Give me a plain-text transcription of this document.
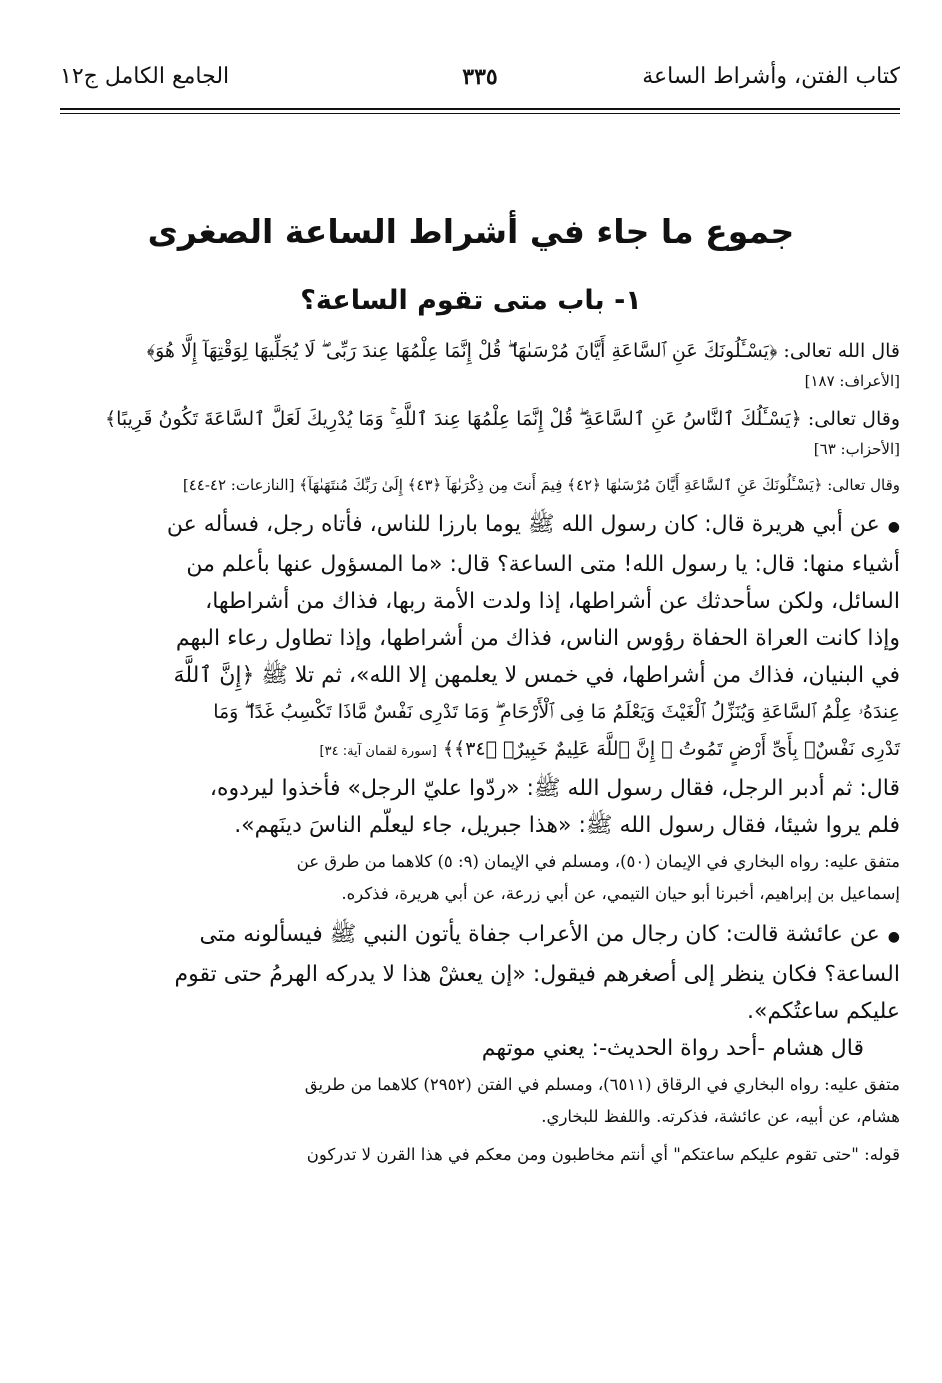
كتاب الفتن، وأشراط الساعة
٣٣٥
الجامع الكامل ج١٢
جموع ما جاء في أشراط الساعة الصغرى
١- باب متى تقوم الساعة؟

قال الله تعالى: ﴿يَسْـَٔلُونَكَ عَنِ ٱلسَّاعَةِ أَيَّانَ مُرْسَىٰهَا ۖ قُلْ إِنَّمَا عِلْمُهَا عِندَ رَبِّى ۖ لَا يُجَلِّيهَا لِوَقْتِهَآ إِلَّا هُوَ﴾

[الأعراف: ١٨٧]

وقال تعالى: ﴿يَسْـَٔلُكَ ٱلنَّاسُ عَنِ ٱلسَّاعَةِ ۖ قُلْ إِنَّمَا عِلْمُهَا عِندَ ٱللَّهِ ۚ وَمَا يُدْرِيكَ لَعَلَّ ٱلسَّاعَةَ تَكُونُ قَرِيبًا﴾

[الأحزاب: ٦٣]
وقال تعالى: ﴿يَسْـَٔلُونَكَ عَنِ ٱلسَّاعَةِ أَيَّانَ مُرْسَىٰهَا ﴿٤٢﴾ فِيمَ أَنتَ مِن ذِكْرَىٰهَآ ﴿٤٣﴾ إِلَىٰ رَبِّكَ مُنتَهَىٰهَآ﴾ [النازعات: ٤٢-٤٤]
●عن أبي هريرة قال: كان رسول الله ﷺ يوما بارزا للناس، فأتاه رجل، فسأله عن
أشياء منها: قال: يا رسول الله! متى الساعة؟ قال: «ما المسؤول عنها بأعلم من
السائل، ولكن سأحدثك عن أشراطها، إذا ولدت الأمة ربها، فذاك من أشراطها،
وإذا كانت العراة الحفاة رؤوس الناس، فذاك من أشراطها، وإذا تطاول رعاء البهم
في البنيان، فذاك من أشراطها، في خمس لا يعلمهن إلا الله»، ثم تلا ﷺ ﴿إِنَّ ٱللَّهَ
عِندَهُۥ عِلْمُ ٱلسَّاعَةِ وَيُنَزِّلُ ٱلْغَيْثَ وَيَعْلَمُ مَا فِى ٱلْأَرْحَامِ ۖ وَمَا تَدْرِى نَفْسٌ مَّاذَا تَكْسِبُ غَدًا ۖ وَمَا
تَدْرِى نَفْسٌۢ بِأَىِّ أَرْضٍ تَمُوتُ ۚ إِنَّ ٱللَّهَ عَلِيمٌ خَبِيرٌۢ ﴿٣٤﴾﴾ [سورة لقمان آية: ٣٤]
قال: ثم أدبر الرجل، فقال رسول الله ﷺ: «ردّوا عليّ الرجل» فأخذوا ليردوه،
فلم يروا شيئا، فقال رسول الله ﷺ: «هذا جبريل، جاء ليعلّم الناسَ دينَهم».
متفق عليه: رواه البخاري في الإيمان (٥٠)، ومسلم في الإيمان (٩: ٥) كلاهما من طرق عن
إسماعيل بن إبراهيم، أخبرنا أبو حيان التيمي، عن أبي زرعة، عن أبي هريرة، فذكره.
●عن عائشة قالت: كان رجال من الأعراب جفاة يأتون النبي ﷺ فيسألونه متى
الساعة؟ فكان ينظر إلى أصغرهم فيقول: «إن يعشْ هذا لا يدركه الهرمُ حتى تقوم
عليكم ساعتُكم».
قال هشام -أحد رواة الحديث-: يعني موتهم
متفق عليه: رواه البخاري في الرقاق (٦٥١١)، ومسلم في الفتن (٢٩٥٢) كلاهما من طريق
هشام، عن أبيه، عن عائشة، فذكرته. واللفظ للبخاري.
قوله: "حتى تقوم عليكم ساعتكم" أي أنتم مخاطبون ومن معكم في هذا القرن لا تدركون
